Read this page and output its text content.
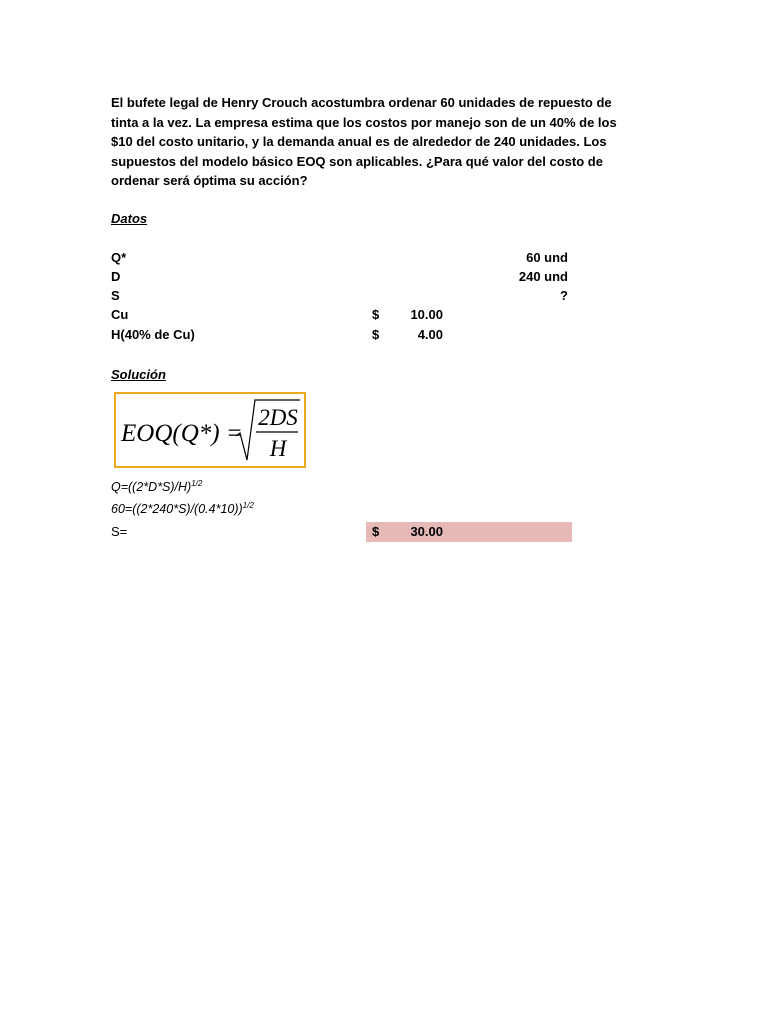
El bufete legal de Henry Crouch acostumbra ordenar 60 unidades de repuesto de
tinta a la vez. La empresa estima que los costos por manejo son de un 40% de los
$10 del costo unitario, y la demanda anual es de alrededor de 240 unidades. Los
supuestos del modelo básico EOQ son aplicables. ¿Para qué valor del costo de
ordenar será óptima su acción?
Datos
Q*	60 und
D	240 und
S	?
Cu	$	10.00
H(40% de Cu)	$	4.00
Solución
EOQ(Q*) =
2DS
H
$Q=((2*D*S)/H)^{1/2}$
$60=((2*240*S)/(0.4*10))^{1/2}$
S=	$	30.00
